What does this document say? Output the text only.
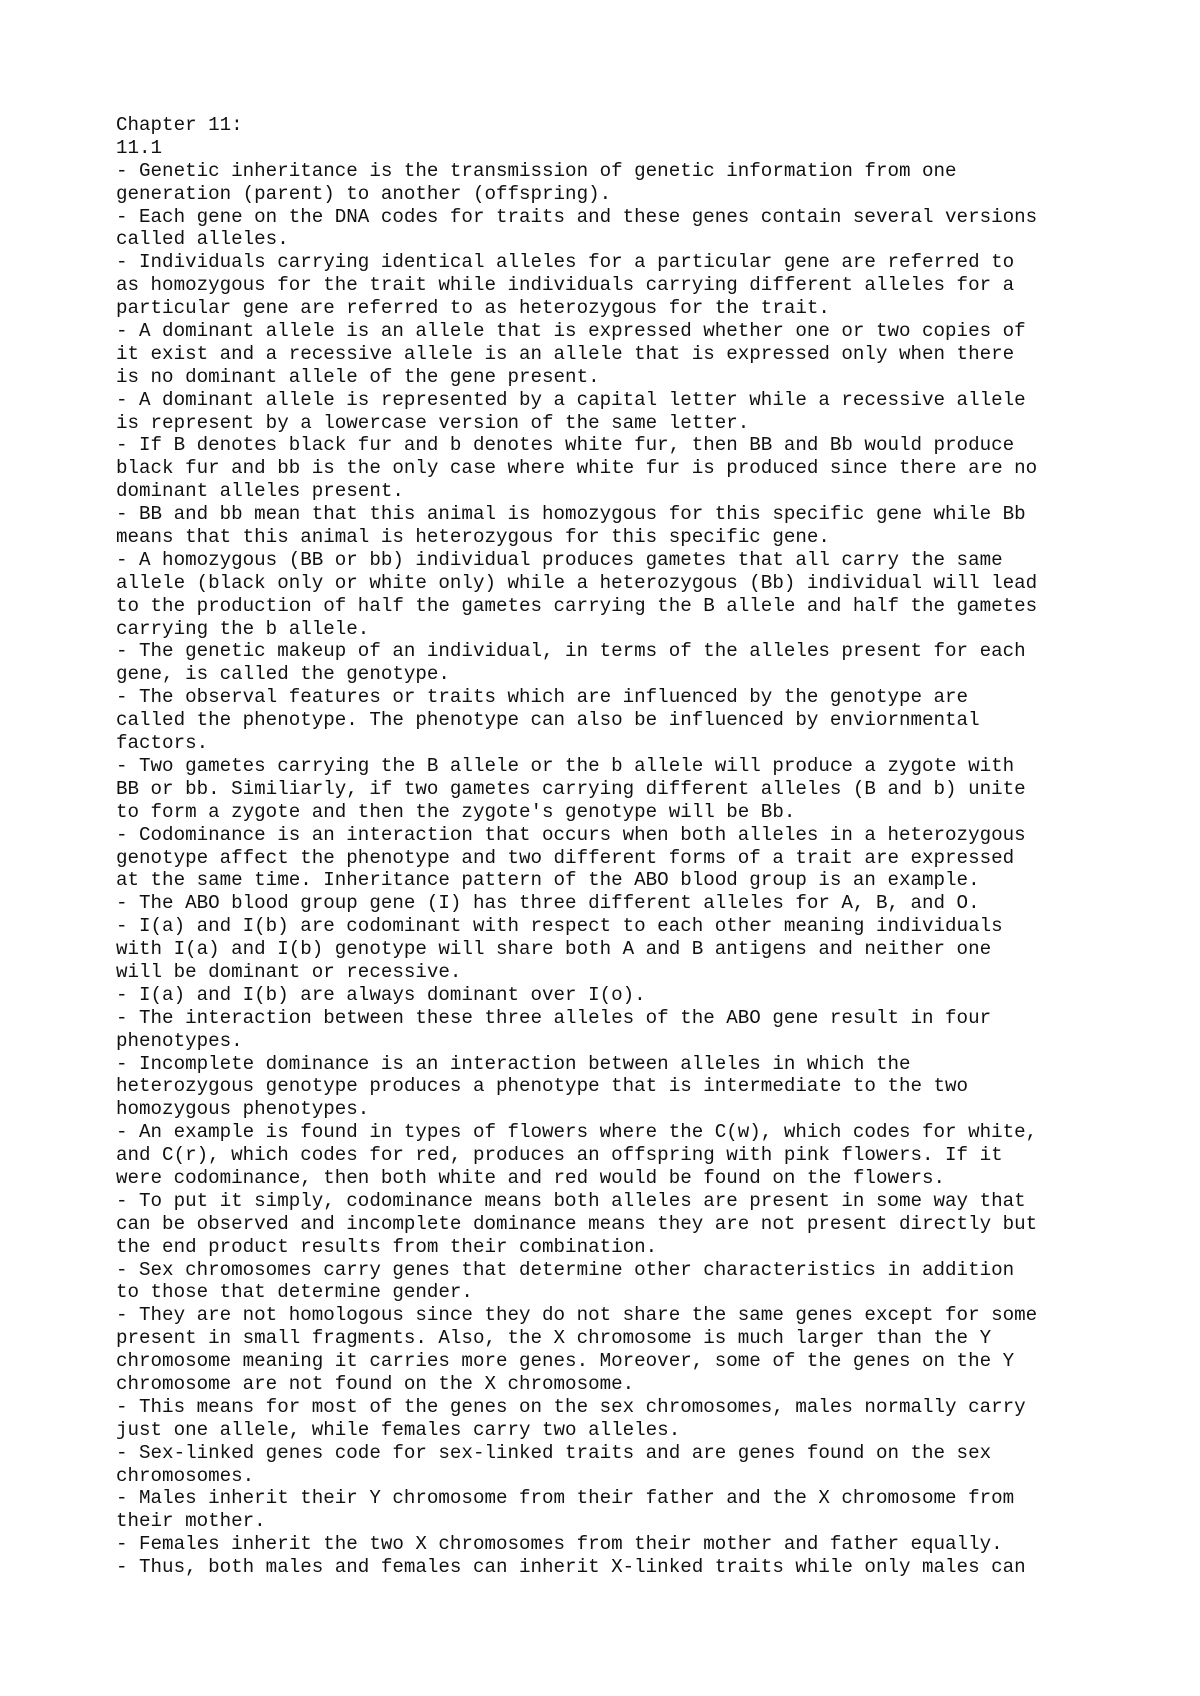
Chapter 11:
11.1
- Genetic inheritance is the transmission of genetic information from one
generation (parent) to another (offspring).
- Each gene on the DNA codes for traits and these genes contain several versions
called alleles.
- Individuals carrying identical alleles for a particular gene are referred to
as homozygous for the trait while individuals carrying different alleles for a
particular gene are referred to as heterozygous for the trait.
- A dominant allele is an allele that is expressed whether one or two copies of
it exist and a recessive allele is an allele that is expressed only when there
is no dominant allele of the gene present.
- A dominant allele is represented by a capital letter while a recessive allele
is represent by a lowercase version of the same letter.
- If B denotes black fur and b denotes white fur, then BB and Bb would produce
black fur and bb is the only case where white fur is produced since there are no
dominant alleles present.
- BB and bb mean that this animal is homozygous for this specific gene while Bb
means that this animal is heterozygous for this specific gene.
- A homozygous (BB or bb) individual produces gametes that all carry the same
allele (black only or white only) while a heterozygous (Bb) individual will lead
to the production of half the gametes carrying the B allele and half the gametes
carrying the b allele.
- The genetic makeup of an individual, in terms of the alleles present for each
gene, is called the genotype.
- The observal features or traits which are influenced by the genotype are
called the phenotype. The phenotype can also be influenced by enviornmental
factors.
- Two gametes carrying the B allele or the b allele will produce a zygote with
BB or bb. Similiarly, if two gametes carrying different alleles (B and b) unite
to form a zygote and then the zygote's genotype will be Bb.
- Codominance is an interaction that occurs when both alleles in a heterozygous
genotype affect the phenotype and two different forms of a trait are expressed
at the same time. Inheritance pattern of the ABO blood group is an example.
- The ABO blood group gene (I) has three different alleles for A, B, and O.
- I(a) and I(b) are codominant with respect to each other meaning individuals
with I(a) and I(b) genotype will share both A and B antigens and neither one
will be dominant or recessive.
- I(a) and I(b) are always dominant over I(o).
- The interaction between these three alleles of the ABO gene result in four
phenotypes.
- Incomplete dominance is an interaction between alleles in which the
heterozygous genotype produces a phenotype that is intermediate to the two
homozygous phenotypes.
- An example is found in types of flowers where the C(w), which codes for white,
and C(r), which codes for red, produces an offspring with pink flowers. If it
were codominance, then both white and red would be found on the flowers.
- To put it simply, codominance means both alleles are present in some way that
can be observed and incomplete dominance means they are not present directly but
the end product results from their combination.
- Sex chromosomes carry genes that determine other characteristics in addition
to those that determine gender.
- They are not homologous since they do not share the same genes except for some
present in small fragments. Also, the X chromosome is much larger than the Y
chromosome meaning it carries more genes. Moreover, some of the genes on the Y
chromosome are not found on the X chromosome.
- This means for most of the genes on the sex chromosomes, males normally carry
just one allele, while females carry two alleles.
- Sex-linked genes code for sex-linked traits and are genes found on the sex
chromosomes.
- Males inherit their Y chromosome from their father and the X chromosome from
their mother.
- Females inherit the two X chromosomes from their mother and father equally.
- Thus, both males and females can inherit X-linked traits while only males can
